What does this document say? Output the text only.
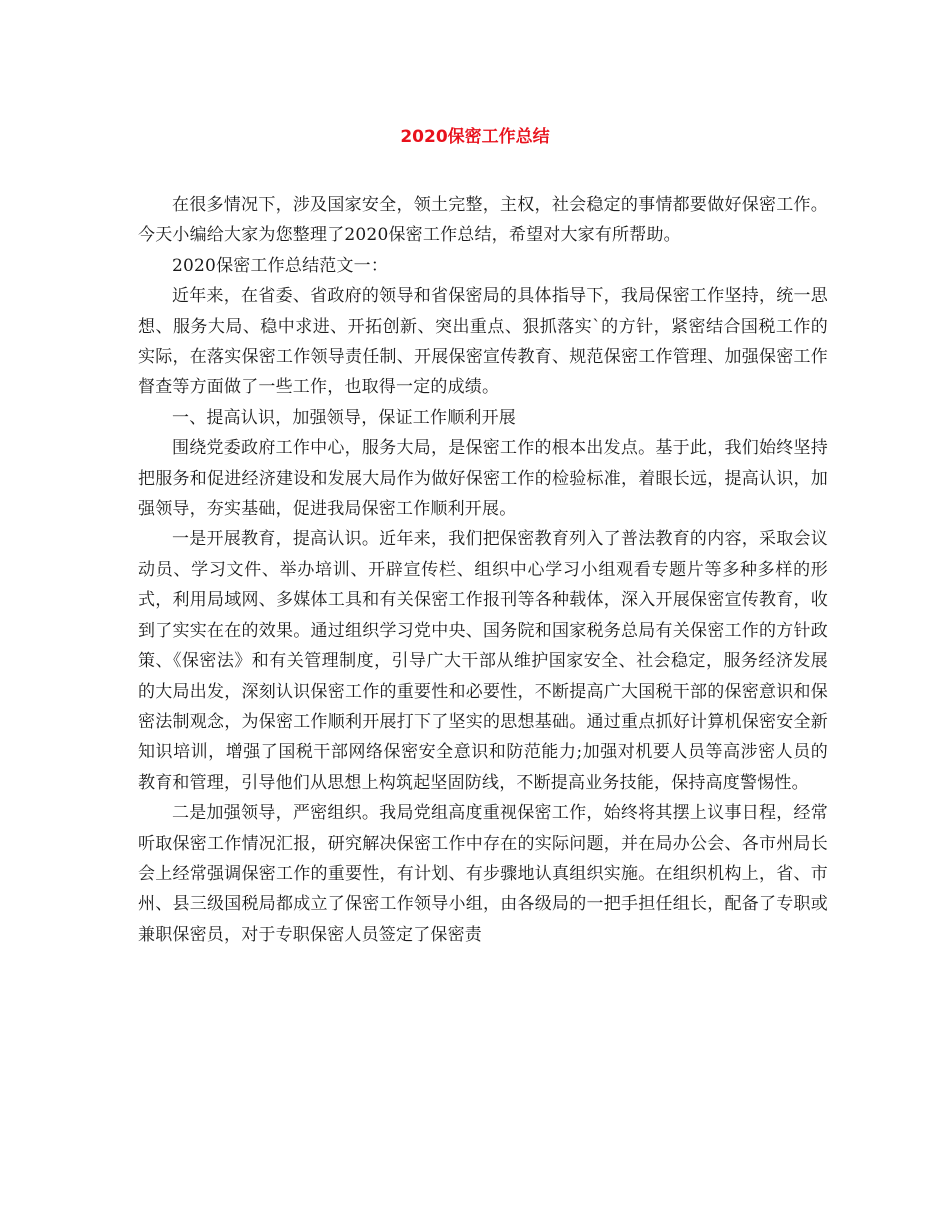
2020保密工作总结

在很多情况下，涉及国家安全，领土完整，主权，社会稳定的事情都要做好保密工作。今天小编给大家为您整理了2020保密工作总结，希望对大家有所帮助。

2020保密工作总结范文一：

近年来，在省委、省政府的领导和省保密局的具体指导下，我局保密工作坚持，统一思想、服务大局、稳中求进、开拓创新、突出重点、狠抓落实`的方针，紧密结合国税工作的实际，在落实保密工作领导责任制、开展保密宣传教育、规范保密工作管理、加强保密工作督查等方面做了一些工作，也取得一定的成绩。

一、提高认识，加强领导，保证工作顺利开展

围绕党委政府工作中心，服务大局，是保密工作的根本出发点。基于此，我们始终坚持把服务和促进经济建设和发展大局作为做好保密工作的检验标准，着眼长远，提高认识，加强领导，夯实基础，促进我局保密工作顺利开展。

一是开展教育，提高认识。近年来，我们把保密教育列入了普法教育的内容，采取会议动员、学习文件、举办培训、开辟宣传栏、组织中心学习小组观看专题片等多种多样的形式，利用局域网、多媒体工具和有关保密工作报刊等各种载体，深入开展保密宣传教育，收到了实实在在的效果。通过组织学习党中央、国务院和国家税务总局有关保密工作的方针政策、《保密法》和有关管理制度，引导广大干部从维护国家安全、社会稳定，服务经济发展的大局出发，深刻认识保密工作的重要性和必要性，不断提高广大国税干部的保密意识和保密法制观念，为保密工作顺利开展打下了坚实的思想基础。通过重点抓好计算机保密安全新知识培训，增强了国税干部网络保密安全意识和防范能力;加强对机要人员等高涉密人员的教育和管理，引导他们从思想上构筑起坚固防线，不断提高业务技能，保持高度警惕性。

二是加强领导，严密组织。我局党组高度重视保密工作，始终将其摆上议事日程，经常听取保密工作情况汇报，研究解决保密工作中存在的实际问题，并在局办公会、各市州局长会上经常强调保密工作的重要性，有计划、有步骤地认真组织实施。在组织机构上，省、市州、县三级国税局都成立了保密工作领导小组，由各级局的一把手担任组长，配备了专职或兼职保密员，对于专职保密人员签定了保密责
